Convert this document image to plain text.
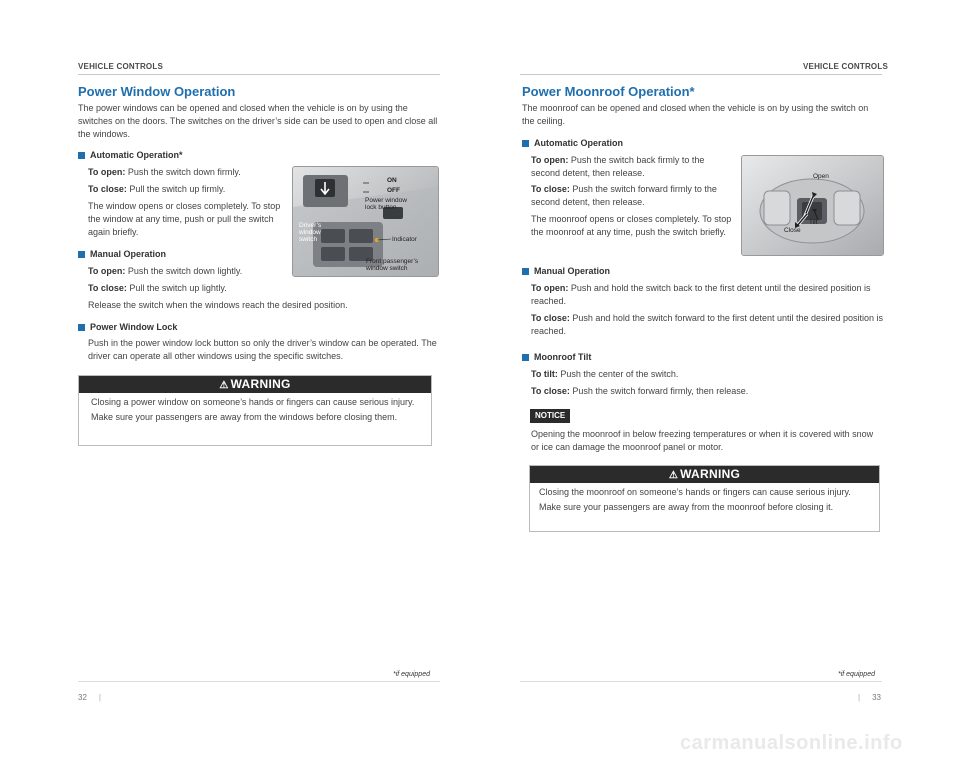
VEHICLE CONTROLS
Power Window Operation
The power windows can be opened and closed when the vehicle is on by using the switches on the doors. The switches on the driver’s side can be used to open and close all the windows.
Automatic Operation*
To open: Push the switch down firmly.
To close: Pull the switch up firmly.
The window opens or closes completely. To stop the window at any time, push or pull the switch again briefly.
Manual Operation
To open: Push the switch down lightly.
To close: Pull the switch up lightly.
Release the switch when the windows reach the desired position.
Power Window Lock
Push in the power window lock button so only the driver’s window can be operated. The driver can operate all other windows using the specific switches.
ON
OFF
Power window
lock button
Driver’s
window
switch	Indicator
Front passenger’s
window switch
⚠ WARNING
Closing a power window on someone’s hands or fingers can cause serious injury.
Make sure your passengers are away from the windows before closing them.
*if equipped
32 |
VEHICLE CONTROLS
Power Moonroof Operation*
The moonroof can be opened and closed when the vehicle is on by using the switch on the ceiling.
Automatic Operation
To open: Push the switch back firmly to the second detent, then release.
To close: Push the switch forward firmly to the second detent, then release.
The moonroof opens or closes completely. To stop the moonroof at any time, push the switch briefly.
Manual Operation
To open: Push and hold the switch back to the first detent until the desired position is reached.
To close: Push and hold the switch forward to the first detent until the desired position is reached.
Moonroof Tilt
To tilt: Push the center of the switch.
To close: Push the switch forward firmly, then release.
Open
Tilt
Close
NOTICE
Opening the moonroof in below freezing temperatures or when it is covered with snow or ice can damage the moonroof panel or motor.
⚠ WARNING
Closing the moonroof on someone’s hands or fingers can cause serious injury.
Make sure your passengers are away from the moonroof before closing it.
*if equipped
| 33
carmanualsonline.info
